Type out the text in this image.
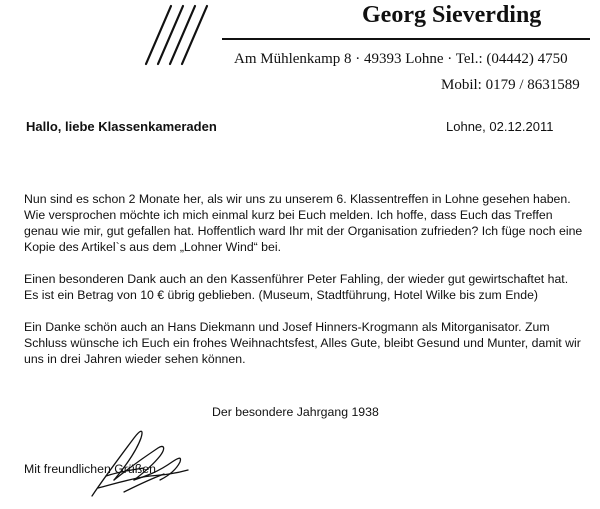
Georg Sieverding

Am Mühlenkamp 8 · 49393 Lohne · Tel.: (04442) 4750

Mobil: 0179 / 8631589

Hallo, liebe Klassenkameraden	Lohne, 02.12.2011

Nun sind es schon 2 Monate her, als wir uns zu unserem 6. Klassentreffen in Lohne gesehen haben. Wie versprochen möchte ich mich einmal kurz bei Euch melden. Ich hoffe, dass Euch das Treffen genau wie mir, gut gefallen hat. Hoffentlich ward Ihr mit der Organisation zufrieden? Ich füge noch eine Kopie des Artikel`s aus dem „Lohner Wind“ bei.

Einen besonderen Dank auch an den Kassenführer Peter Fahling, der wieder gut gewirtschaftet hat. Es ist ein Betrag von 10 € übrig geblieben. (Museum, Stadtführung, Hotel Wilke bis zum Ende)

Ein Danke schön auch an Hans Diekmann und Josef Hinners-Krogmann als Mitorganisator. Zum Schluss wünsche ich Euch ein frohes Weihnachtsfest, Alles Gute, bleibt Gesund und Munter, damit wir uns in drei Jahren wieder sehen können.

Der besondere Jahrgang 1938

Mit freundlichen Grüßen
